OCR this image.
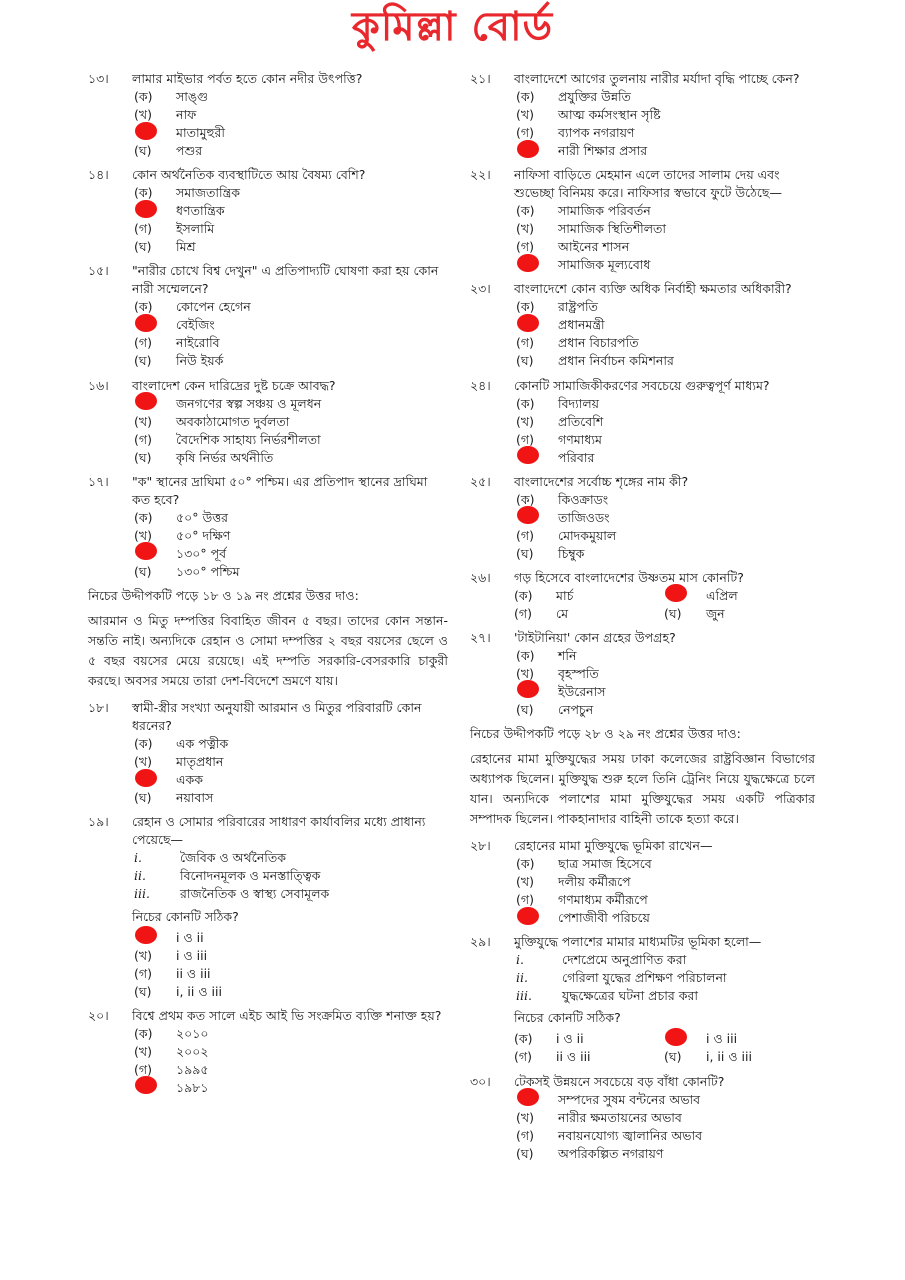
কুমিল্লা বোর্ড
১৩।	লামার মাইভার পর্বত হতে কোন নদীর উৎপত্তি?
(ক)	সাঙ্গু
(খ)	নাফ
মাতামুহুরী
(ঘ)	পশুর
১৪।	কোন অর্থনৈতিক ব্যবস্থাটিতে আয় বৈষম্য বেশি?
(ক)	সমাজতান্ত্রিক
ধণতান্ত্রিক
(গ)	ইসলামি
(ঘ)	মিশ্র
১৫।	"নারীর চোখে বিশ্ব দেখুন" এ প্রতিপাদ্যটি ঘোষণা করা হয় কোন নারী সম্মেলনে?
(ক)	কোপেন হেগেন
বেইজিং
(গ)	নাইরোবি
(ঘ)	নিউ ইয়র্ক
১৬।	বাংলাদেশ কেন দারিদ্রের দুষ্ট চক্রে আবদ্ধ?
জনগণের স্বল্প সঞ্চয় ও মূলধন
(খ)	অবকাঠামোগত দুর্বলতা
(গ)	বৈদেশিক সাহায্য নির্ভরশীলতা
(ঘ)	কৃষি নির্ভর অর্থনীতি
১৭।	"ক" স্থানের দ্রাঘিমা ৫০° পশ্চিম। এর প্রতিপাদ স্থানের দ্রাঘিমা কত হবে?
(ক)	৫০° উত্তর
(খ)	৫০° দক্ষিণ
১৩০° পূর্ব
(ঘ)	১৩০° পশ্চিম
নিচের উদ্দীপকটি পড়ে ১৮ ও ১৯ নং প্রশ্নের উত্তর দাও:
আরমান ও মিতু দম্পত্তির বিবাহিত জীবন ৫ বছর। তাদের কোন সন্তান-সন্ততি নাই। অন্যদিকে রেহান ও সোমা দম্পত্তির ২ বছর বয়সের ছেলে ও ৫ বছর বয়সের মেয়ে রয়েছে। এই দম্পতি সরকারি-বেসরকারি চাকুরী করছে। অবসর সময়ে তারা দেশ-বিদেশে ভ্রমণে যায়।
১৮।	স্বামী-স্ত্রীর সংখ্যা অনুযায়ী আরমান ও মিতুর পরিবারটি কোন ধরনের?
(ক)	এক পত্নীক
(খ)	মাতৃপ্রধান
একক
(ঘ)	নয়াবাস
১৯।	রেহান ও সোমার পরিবারের সাধারণ কার্যাবলির মধ্যে প্রাধান্য পেয়েছে—
i.	জৈবিক ও অর্থনৈতিক
ii.	বিনোদনমূলক ও মনস্তাত্ত্বিক
iii.	রাজনৈতিক ও স্বাস্থ্য সেবামূলক
নিচের কোনটি সঠিক?
i ও ii
(খ)	i ও iii
(গ)	ii ও iii
(ঘ)	i, ii ও iii
২০।	বিশ্বে প্রথম কত সালে এইচ আই ভি সংক্রমিত ব্যক্তি শনাক্ত হয়?
(ক)	২০১০
(খ)	২০০২
(গ)	১৯৯৫
১৯৮১
২১।	বাংলাদেশে আগের তুলনায় নারীর মর্যাদা বৃদ্ধি পাচ্ছে কেন?
(ক)	প্রযুক্তির উন্নতি
(খ)	আত্ম কর্মসংস্থান সৃষ্টি
(গ)	ব্যাপক নগরায়ণ
নারী শিক্ষার প্রসার
২২।	নাফিসা বাড়িতে মেহমান এলে তাদের সালাম দেয় এবং শুভেচ্ছা বিনিময় করে। নাফিসার স্বভাবে ফুটে উঠেছে—
(ক)	সামাজিক পরিবর্তন
(খ)	সামাজিক স্থিতিশীলতা
(গ)	আইনের শাসন
সামাজিক মূল্যবোধ
২৩।	বাংলাদেশে কোন ব্যক্তি অধিক নির্বাহী ক্ষমতার অধিকারী?
(ক)	রাষ্ট্রপতি
প্রধানমন্ত্রী
(গ)	প্রধান বিচারপতি
(ঘ)	প্রধান নির্বাচন কমিশনার
২৪।	কোনটি সামাজিকীকরণের সবচেয়ে গুরুত্বপূর্ণ মাধ্যম?
(ক)	বিদ্যালয়
(খ)	প্রতিবেশি
(গ)	গণমাধ্যম
পরিবার
২৫।	বাংলাদেশের সর্বোচ্চ শৃঙ্গের নাম কী?
(ক)	কিওক্রাডং
তাজিওডং
(গ)	মোদকমুয়াল
(ঘ)	চিম্বুক
২৬।	গড় হিসেবে বাংলাদেশের উষ্ণতম মাস কোনটি?
(ক)	মার্চ	এপ্রিল
(গ)	মে	(ঘ)	জুন
২৭।	'টাইটানিয়া' কোন গ্রহের উপগ্রহ?
(ক)	শনি
(খ)	বৃহস্পতি
ইউরেনাস
(ঘ)	নেপচুন
নিচের উদ্দীপকটি পড়ে ২৮ ও ২৯ নং প্রশ্নের উত্তর দাও:
রেহানের মামা মুক্তিযুদ্ধের সময় ঢাকা কলেজের রাষ্ট্রবিজ্ঞান বিভাগের অধ্যাপক ছিলেন। মুক্তিযুদ্ধ শুরু হলে তিনি ট্রেনিং নিয়ে যুদ্ধক্ষেত্রে চলে যান। অন্যদিকে পলাশের মামা মুক্তিযুদ্ধের সময় একটি পত্রিকার সম্পাদক ছিলেন। পাকহানাদার বাহিনী তাকে হত্যা করে।
২৮।	রেহানের মামা মুক্তিযুদ্ধে ভূমিকা রাখেন—
(ক)	ছাত্র সমাজ হিসেবে
(খ)	দলীয় কর্মীরূপে
(গ)	গণমাধ্যম কর্মীরূপে
পেশাজীবী পরিচয়ে
২৯।	মুক্তিযুদ্ধে পলাশের মামার মাধ্যমটির ভূমিকা হলো—
i.	দেশপ্রেমে অনুপ্রাণিত করা
ii.	গেরিলা যুদ্ধের প্রশিক্ষণ পরিচালনা
iii.	যুদ্ধক্ষেত্রের ঘটনা প্রচার করা
নিচের কোনটি সঠিক?
(ক)	i ও ii	i ও iii
(গ)	ii ও iii	(ঘ)	i, ii ও iii
৩০।	টেকসই উন্নয়নে সবচেয়ে বড় বাঁধা কোনটি?
সম্পদের সুষম বন্টনের অভাব
(খ)	নারীর ক্ষমতায়নের অভাব
(গ)	নবায়নযোগ্য জ্বালানির অভাব
(ঘ)	অপরিকল্পিত নগরায়ণ
